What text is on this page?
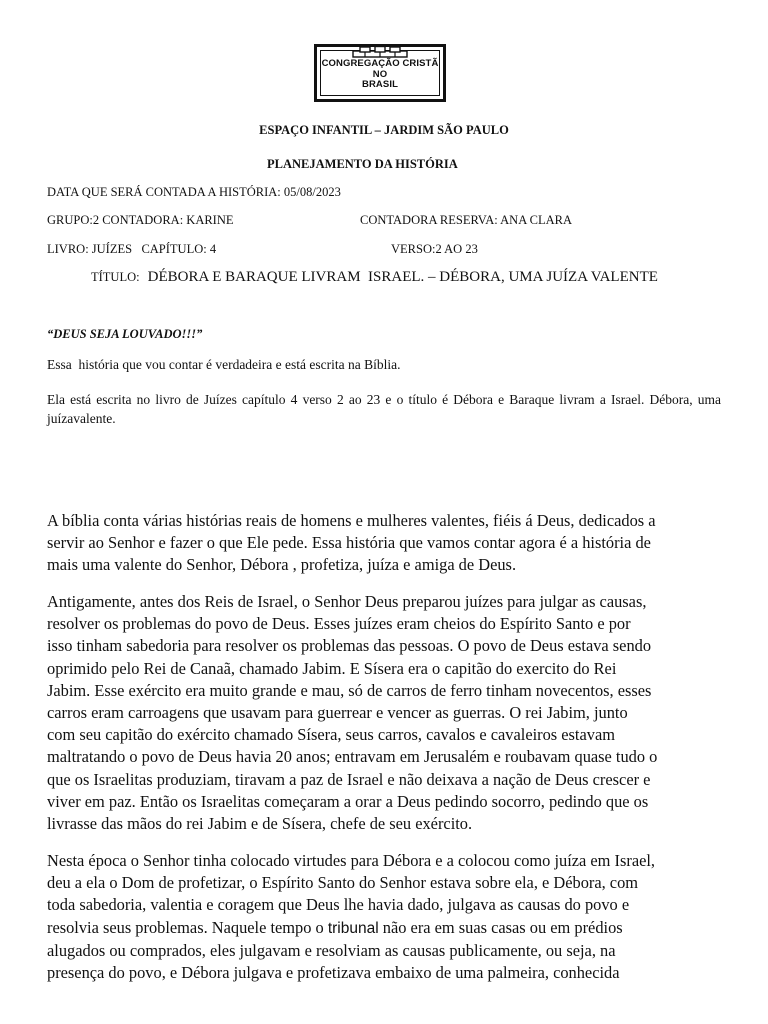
CONGREGAÇÃO CRISTÃ
NO
BRASIL
ESPAÇO INFANTIL – JARDIM SÃO PAULO
PLANEJAMENTO DA HISTÓRIA
DATA QUE SERÁ CONTADA A HISTÓRIA: 05/08/2023
GRUPO:2 CONTADORA: KARINE	CONTADORA RESERVA: ANA CLARA
LIVRO: JUÍZES   CAPÍTULO: 4	VERSO:2 AO 23
TÍTULO: DÉBORA E BARAQUE LIVRAM  ISRAEL. – DÉBORA, UMA JUÍZA VALENTE
“DEUS SEJA LOUVADO!!!”
Essa  história que vou contar é verdadeira e está escrita na Bíblia.
Ela está escrita no livro de Juízes capítulo 4 verso 2 ao 23 e o título é Débora e Baraque livram a Israel. Débora, uma juízavalente.
A bíblia conta várias histórias reais de homens e mulheres valentes, fiéis á Deus, dedicados a
servir ao Senhor e fazer o que Ele pede. Essa história que vamos contar agora é a história de
mais uma valente do Senhor, Débora , profetiza, juíza e amiga de Deus.
Antigamente, antes dos Reis de Israel, o Senhor Deus preparou juízes para julgar as causas,
resolver os problemas do povo de Deus. Esses juízes eram cheios do Espírito Santo e por
isso tinham sabedoria para resolver os problemas das pessoas. O povo de Deus estava sendo
oprimido pelo Rei de Canaã, chamado Jabim. E Sísera era o capitão do exercito do Rei
Jabim. Esse exército era muito grande e mau, só de carros de ferro tinham novecentos, esses
carros eram carroagens que usavam para guerrear e vencer as guerras. O rei Jabim, junto
com seu capitão do exército chamado Sísera, seus carros, cavalos e cavaleiros estavam
maltratando o povo de Deus havia 20 anos; entravam em Jerusalém e roubavam quase tudo o
que os Israelitas produziam, tiravam a paz de Israel e não deixava a nação de Deus crescer e
viver em paz. Então os Israelitas começaram a orar a Deus pedindo socorro, pedindo que os
livrasse das mãos do rei Jabim e de Sísera, chefe de seu exército.
Nesta época o Senhor tinha colocado virtudes para Débora e a colocou como juíza em Israel,
deu a ela o Dom de profetizar, o Espírito Santo do Senhor estava sobre ela, e Débora, com
toda sabedoria, valentia e coragem que Deus lhe havia dado, julgava as causas do povo e
resolvia seus problemas. Naquele tempo o tribunal não era em suas casas ou em prédios
alugados ou comprados, eles julgavam e resolviam as causas publicamente, ou seja, na
presença do povo, e Débora julgava e profetizava embaixo de uma palmeira, conhecida
